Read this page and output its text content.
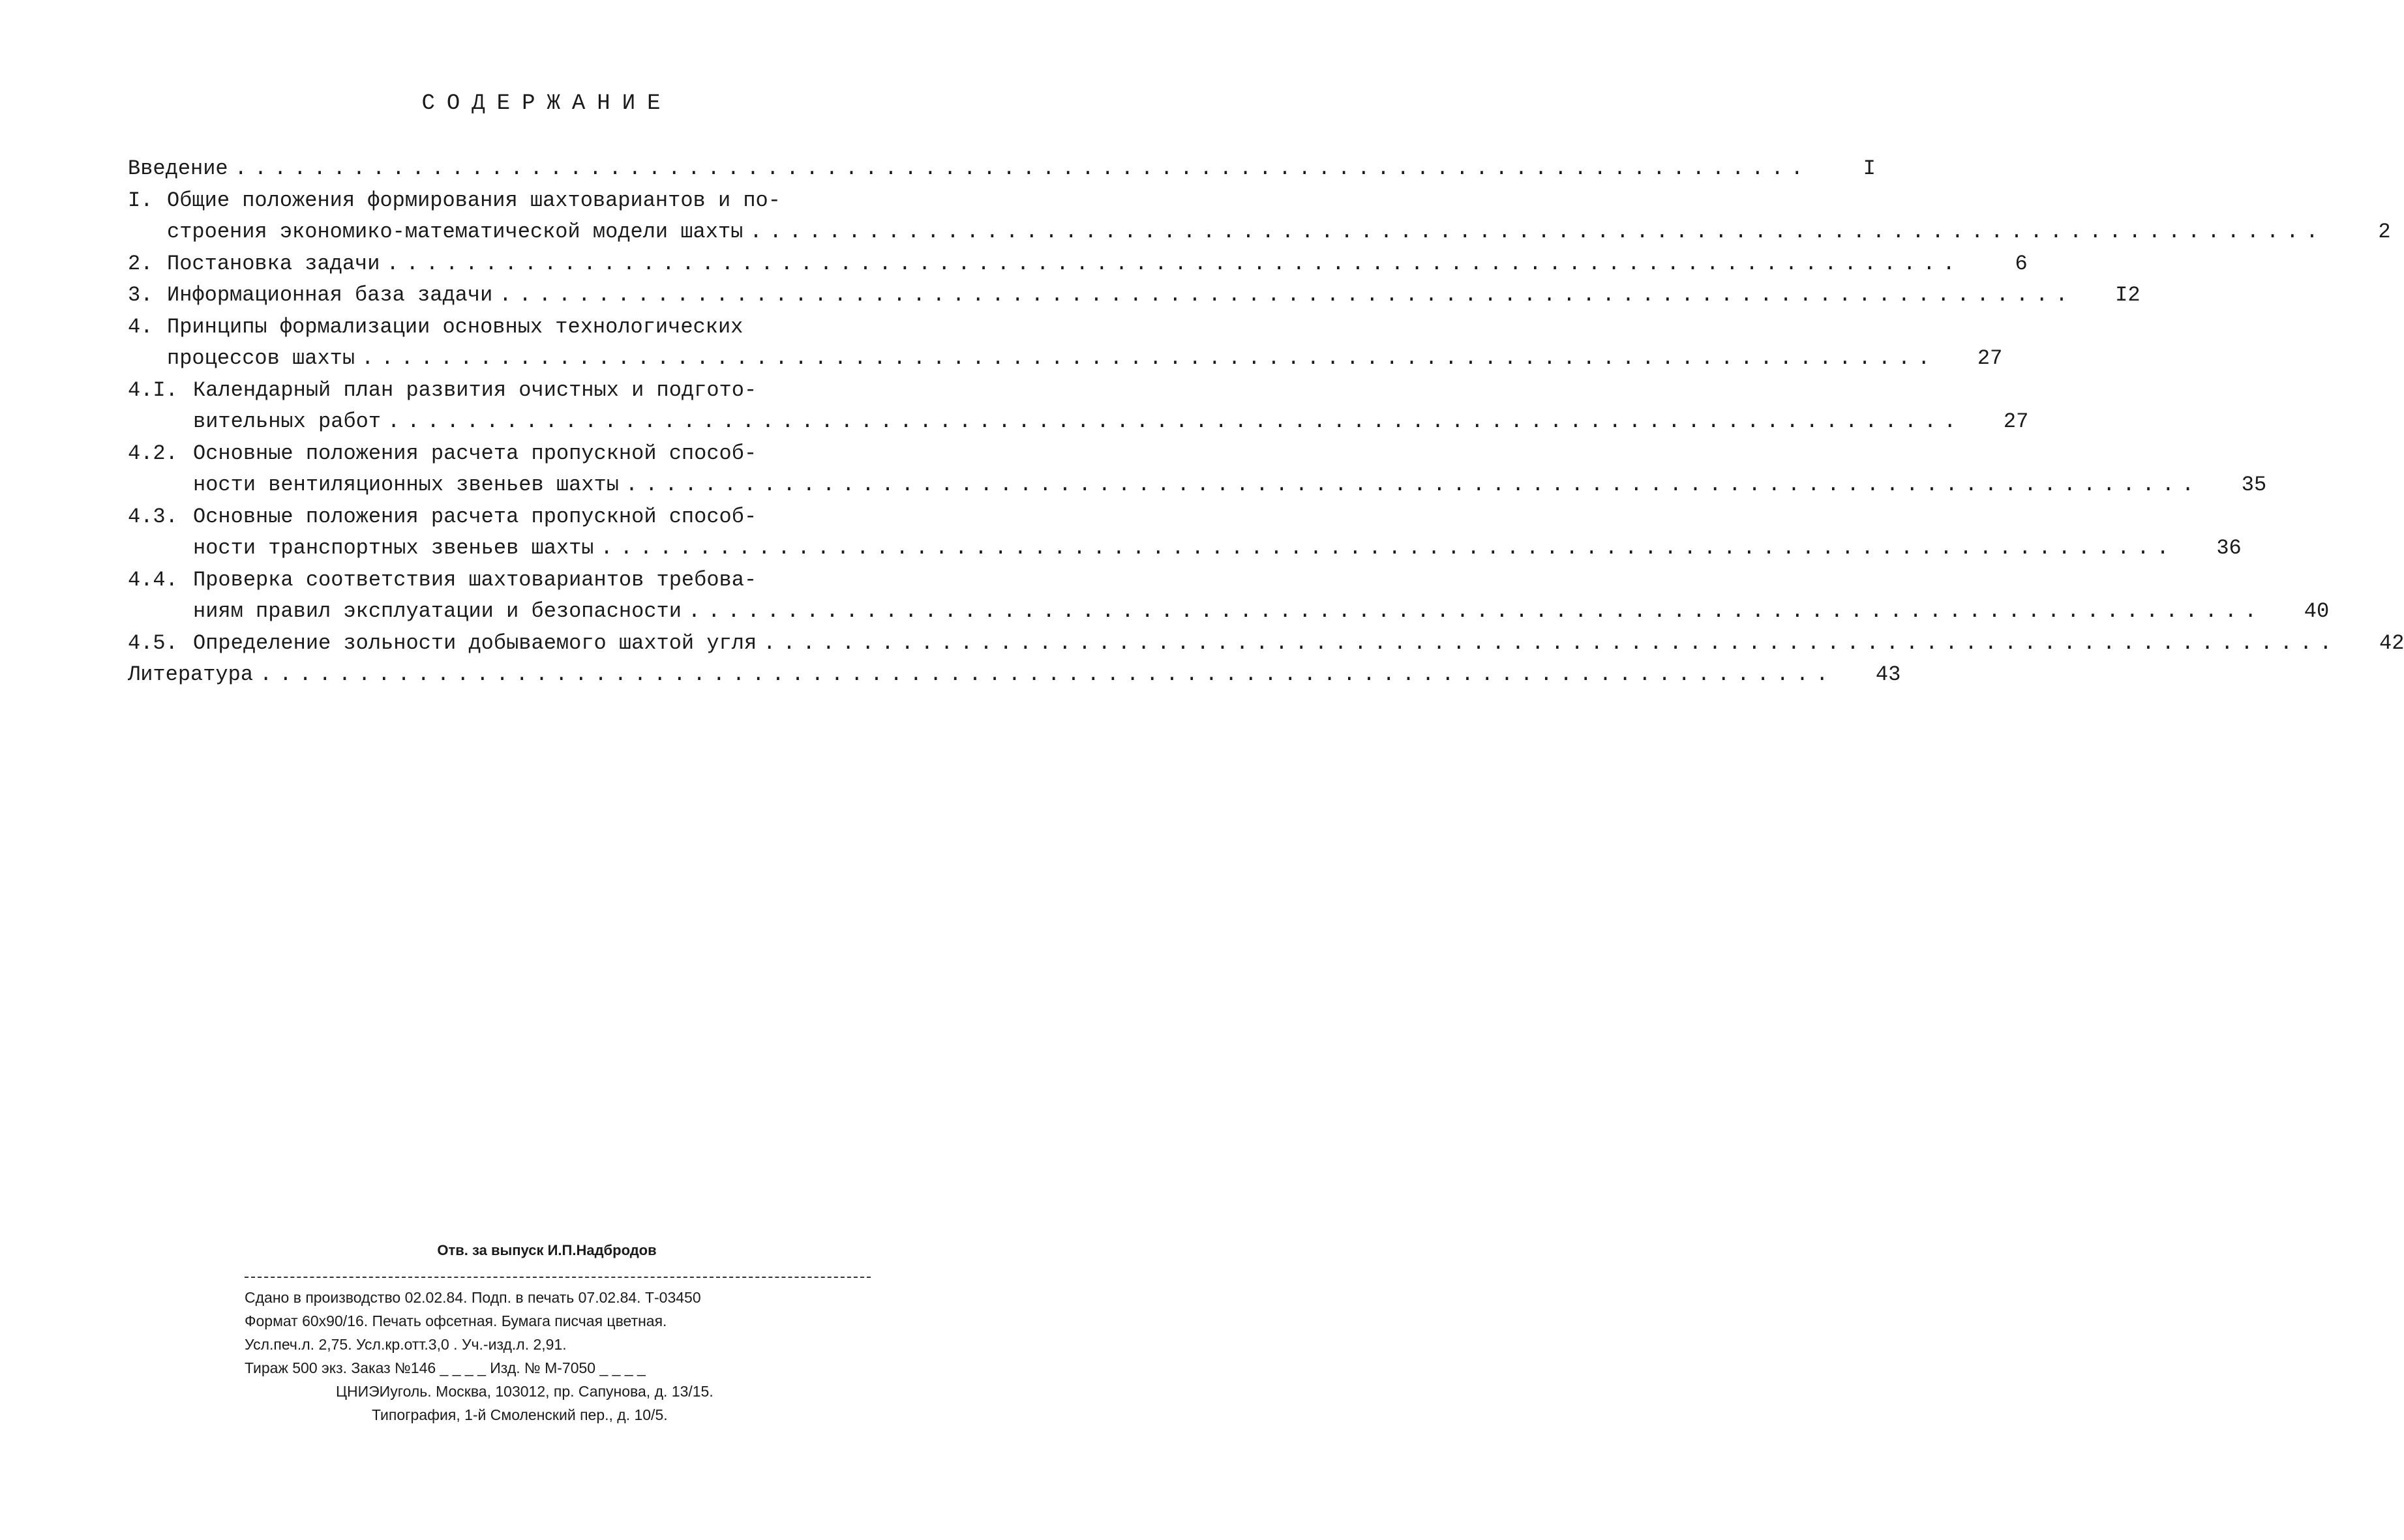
СОДЕРЖАНИЕ
Введение ................................................................................	I
I. Общие положения формирования шахтовариантов и по-
строения экономико-математической модели шахты ................................................................................	2
2. Постановка задачи ................................................................................	6
3. Информационная база задачи ................................................................................	I2
4. Принципы формализации основных технологических
процессов шахты ................................................................................	27
4.I. Календарный план развития очистных и подгото-
вительных работ ................................................................................	27
4.2. Основные положения расчета пропускной способ-
ности вентиляционных звеньев шахты ................................................................................	35
4.3. Основные положения расчета пропускной способ-
ности транспортных звеньев шахты ................................................................................	36
4.4. Проверка соответствия шахтовариантов требова-
ниям правил эксплуатации и безопасности ................................................................................	40
4.5. Определение зольности добываемого шахтой угля ................................................................................	42
Литература ................................................................................	43
Отв. за выпуск И.П.Надбродов
Сдано в производство 02.02.84. Подп. в печать 07.02.84. Т-03450
Формат 60х90/16. Печать офсетная. Бумага писчая цветная.
Усл.печ.л. 2,75. Усл.кр.отт.3,0 . Уч.-изд.л. 2,91.
Тираж 500 экз. Заказ №146 _ _ _ _ Изд. № М-7050 _ _ _ _
ЦНИЭИуголь. Москва, 103012, пр. Сапунова, д. 13/15.
Типография, 1-й Смоленский пер., д. 10/5.
